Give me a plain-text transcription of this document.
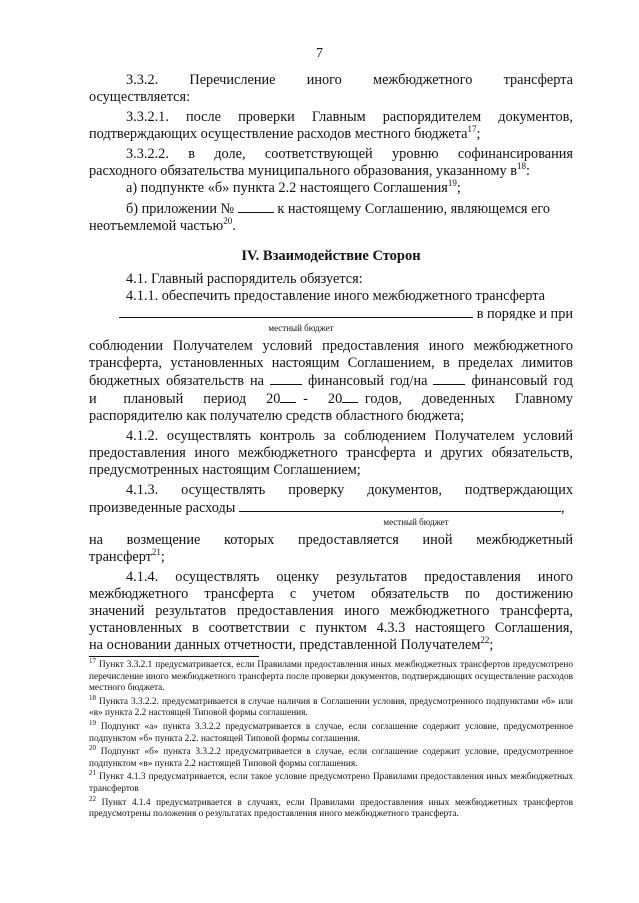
7

3.3.2.     Перечисление     иного     межбюджетного     трансферта

осуществляется:

3.3.2.1. после проверки Главным распорядителем документов,

подтверждающих осуществление расходов местного бюджета$^{17}$;

3.3.2.2. в доле, соответствующей уровню софинансирования

расходного обязательства муниципального образования, указанному $в^{18}$:

а) подпункте «б» пункта 2.2 настоящего Соглашения$^{19}$;

б) приложении №	к настоящему Соглашению, являющемся его

неотъемлемой частью$^{20}$.

IV. Взаимодействие Сторон

4.1. Главный распорядитель обязуется:

4.1.1. обеспечить предоставление иного межбюджетного трансферта

в порядке и при

местный бюджет

соблюдении Получателем условий предоставления иного межбюджетного

трансферта, установленных настоящим Соглашением, в пределах лимитов

бюджетных обязательств на	финансовый год/на	финансовый год

и    плановый   период   20 -   20 годов,   доведенных   Главному

распорядителю как получателю средств областного бюджета;

4.1.2. осуществлять контроль за соблюдением Получателем условий

предоставления иного межбюджетного трансферта и других обязательств,

предусмотренных настоящим Соглашением;

4.1.3.    осуществлять    проверку    документов,    подтверждающих

произведенные расходы	,

местный бюджет

на    возмещение    которых    предоставляется    иной    межбюджетный

трансферт$^{21}$;

4.1.4. осуществлять оценку результатов предоставления иного

межбюджетного трансферта с учетом обязательств по достижению

значений результатов предоставления иного межбюджетного трансферта,

установленных в соответствии с пунктом 4.3.3 настоящего Соглашения,

на основании данных отчетности, представленной Получателем$^{22}$;

$^{17}$ Пункт 3.3.2.1 предусматривается, если Правилами предоставления иных межбюджетных трансфертов предусмотрено перечисление иного межбюджетного трансферта после проверки документов, подтверждающих осуществление расходов местного бюджета.

$^{18}$ Пункта 3.3.2.2. предусматривается в случае наличия в Соглашении условия, предусмотренного подпунктами «б» или «в» пункта 2.2 настоящей Типовой формы соглашения.

$^{19}$ Подпункт «а» пункта 3.3.2.2 предусматривается в случае, если соглашение содержит условие, предусмотренное подпунктом «б» пункта 2.2. настоящей Типовой формы соглашения.

$^{20}$ Подпункт «б» пункта 3.3.2.2 предусматривается в случае, если соглашение содержит условие, предусмотренное подпунктом «в» пункта 2.2 настоящей Типовой формы соглашения.

$^{21}$ Пункт 4.1.3 предусматривается, если такое условие предусмотрено Правилами предоставления иных межбюджетных трансфертов

$^{22}$ Пункт 4.1.4 предусматривается в случаях, если Правилами предоставления иных межбюджетных трансфертов предусмотрены положения о результатах предоставления иного межбюджетного трансферта.
